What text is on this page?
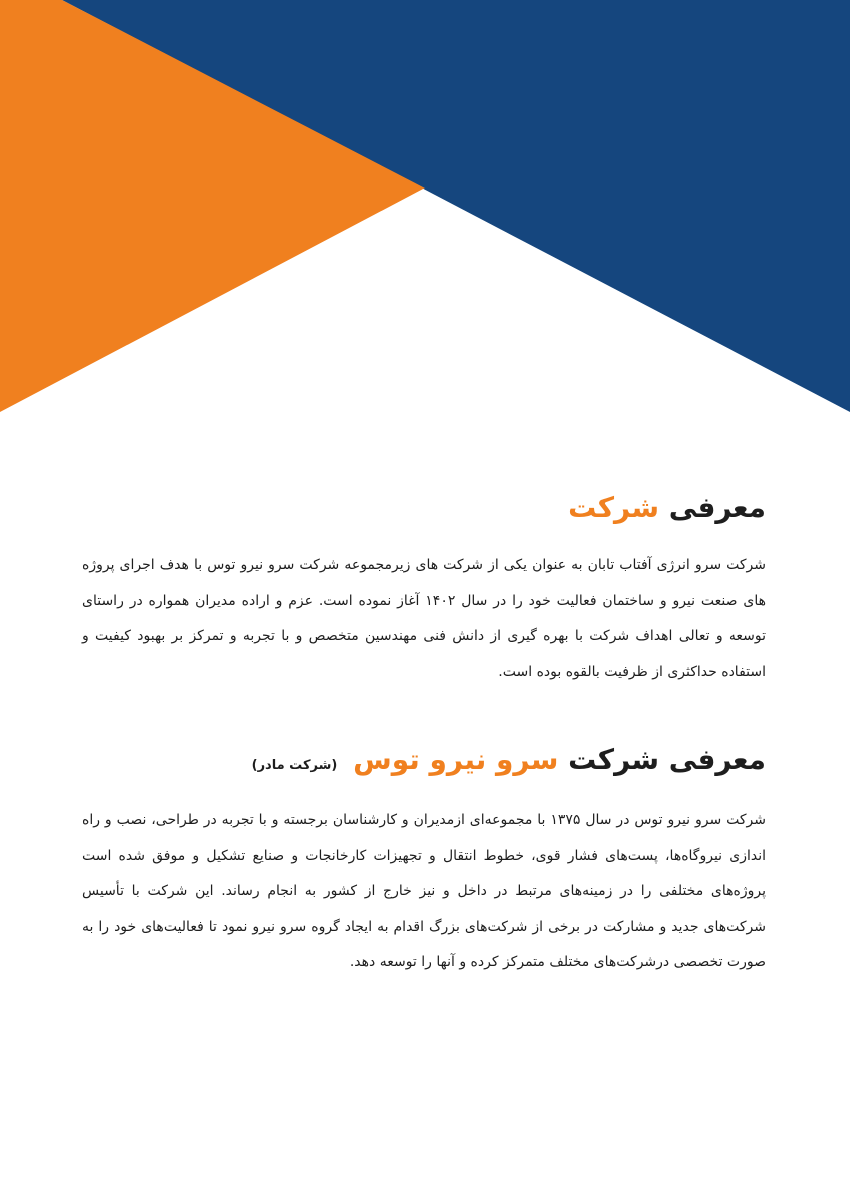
معرفی شرکت

شرکت سرو انرژی آفتاب تابان به عنوان یکی از شرکت های زیرمجموعه شرکت سرو نیرو توس با هدف اجرای پروژه های صنعت نیرو و ساختمان فعالیت خود را در سال ۱۴۰۲ آغاز نموده است. عزم و اراده مدیران همواره در راستای توسعه و تعالی اهداف شرکت با بهره گیری از دانش فنی مهندسین متخصص و با تجربه و تمرکز بر بهبود کیفیت و استفاده حداکثری از ظرفیت بالقوه بوده است.

معرفی شرکت سرو نیرو توس (شرکت مادر)

شرکت سرو نیرو توس در سال ۱۳۷۵ با مجموعه‌ای ازمدیران و کارشناسان برجسته و با تجربه در طراحی، نصب و راه اندازی نیروگاه‌ها، پست‌های فشار قوی، خطوط انتقال و تجهیزات کارخانجات و صنایع تشکیل و موفق شده است پروژه‌های مختلفی را در زمینه‌های مرتبط در داخل و نیز خارج از کشور به انجام رساند. این شرکت با تأسیس شرکت‌های جدید و مشارکت در برخی از شرکت‌های بزرگ اقدام به ایجاد گروه سرو نیرو نمود تا فعالیت‌های خود را به صورت تخصصی درشرکت‌های مختلف متمرکز کرده و آنها را توسعه دهد.
